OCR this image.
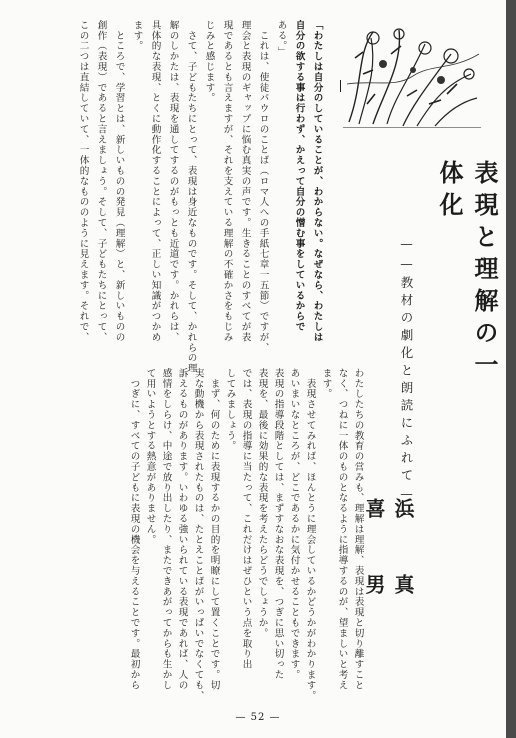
表現と理解の一体化
——教材の劇化と朗読にふれて——
浜　真　喜　男
わたしたちの教育の営みも、理解は理解、表現は表現と切り離すこと
なく、つねに一体のものとなるように指導するのが、望ましいと考え
ます。
　表現させてみれば、ほんとうに理会しているかどうかがわかります。
あいまいなところが、どこであるかに気付かせることもできます。
表現の指導段階としては、まずすなおな表現を、つぎに思い切った
表現を、最後に効果的な表現を考えたらどうでしょうか。
では、表現の指導に当たって、これだけはぜひという点を取り出
してみましょう。
　まず、何のために表現するかの目的を明瞭にして置くことです。切
実な動機から表現されたものは、たとえことばがいっぱいでなくても、
訴えるものがあります。いわゆる強いられている表現であれば、人の
感情をしらけ、中途で放り出したり、またできあがってからも生かし
て用いようとする熱意がありません。
　つぎに、すべての子どもに表現の機会を与えることです。最初から
「わたしは自分のしていることが、わからない。なぜなら、わたしは
自分の欲する事は行わず、かえって自分の憎む事をしているからで
ある。」
　これは、使徒パウロのことば（ロマ人への手紙七章一五節）ですが、
理会と表現のギャップに悩む真実の声です。生きることのすべてが表
現であるとも言えますが、それを支えている理解の不確かさをもじみ
じみと感じます。
　さて、子どもたちにとって、表現は身近なものです。そして、かれらの理
解のしかたは、表現を通してするのがもっとも近道です。かれらは、
具体的な表現、とくに動作化することによって、正しい知識がつかめ
ます。
　ところで、学習とは、新しいものの発見（理解）と、新しいものの
創作（表現）であると言えましょう。そして、子どもたちにとって、
この二つは直結していて、一体的なもののように見えます。それで、
— 52 —
